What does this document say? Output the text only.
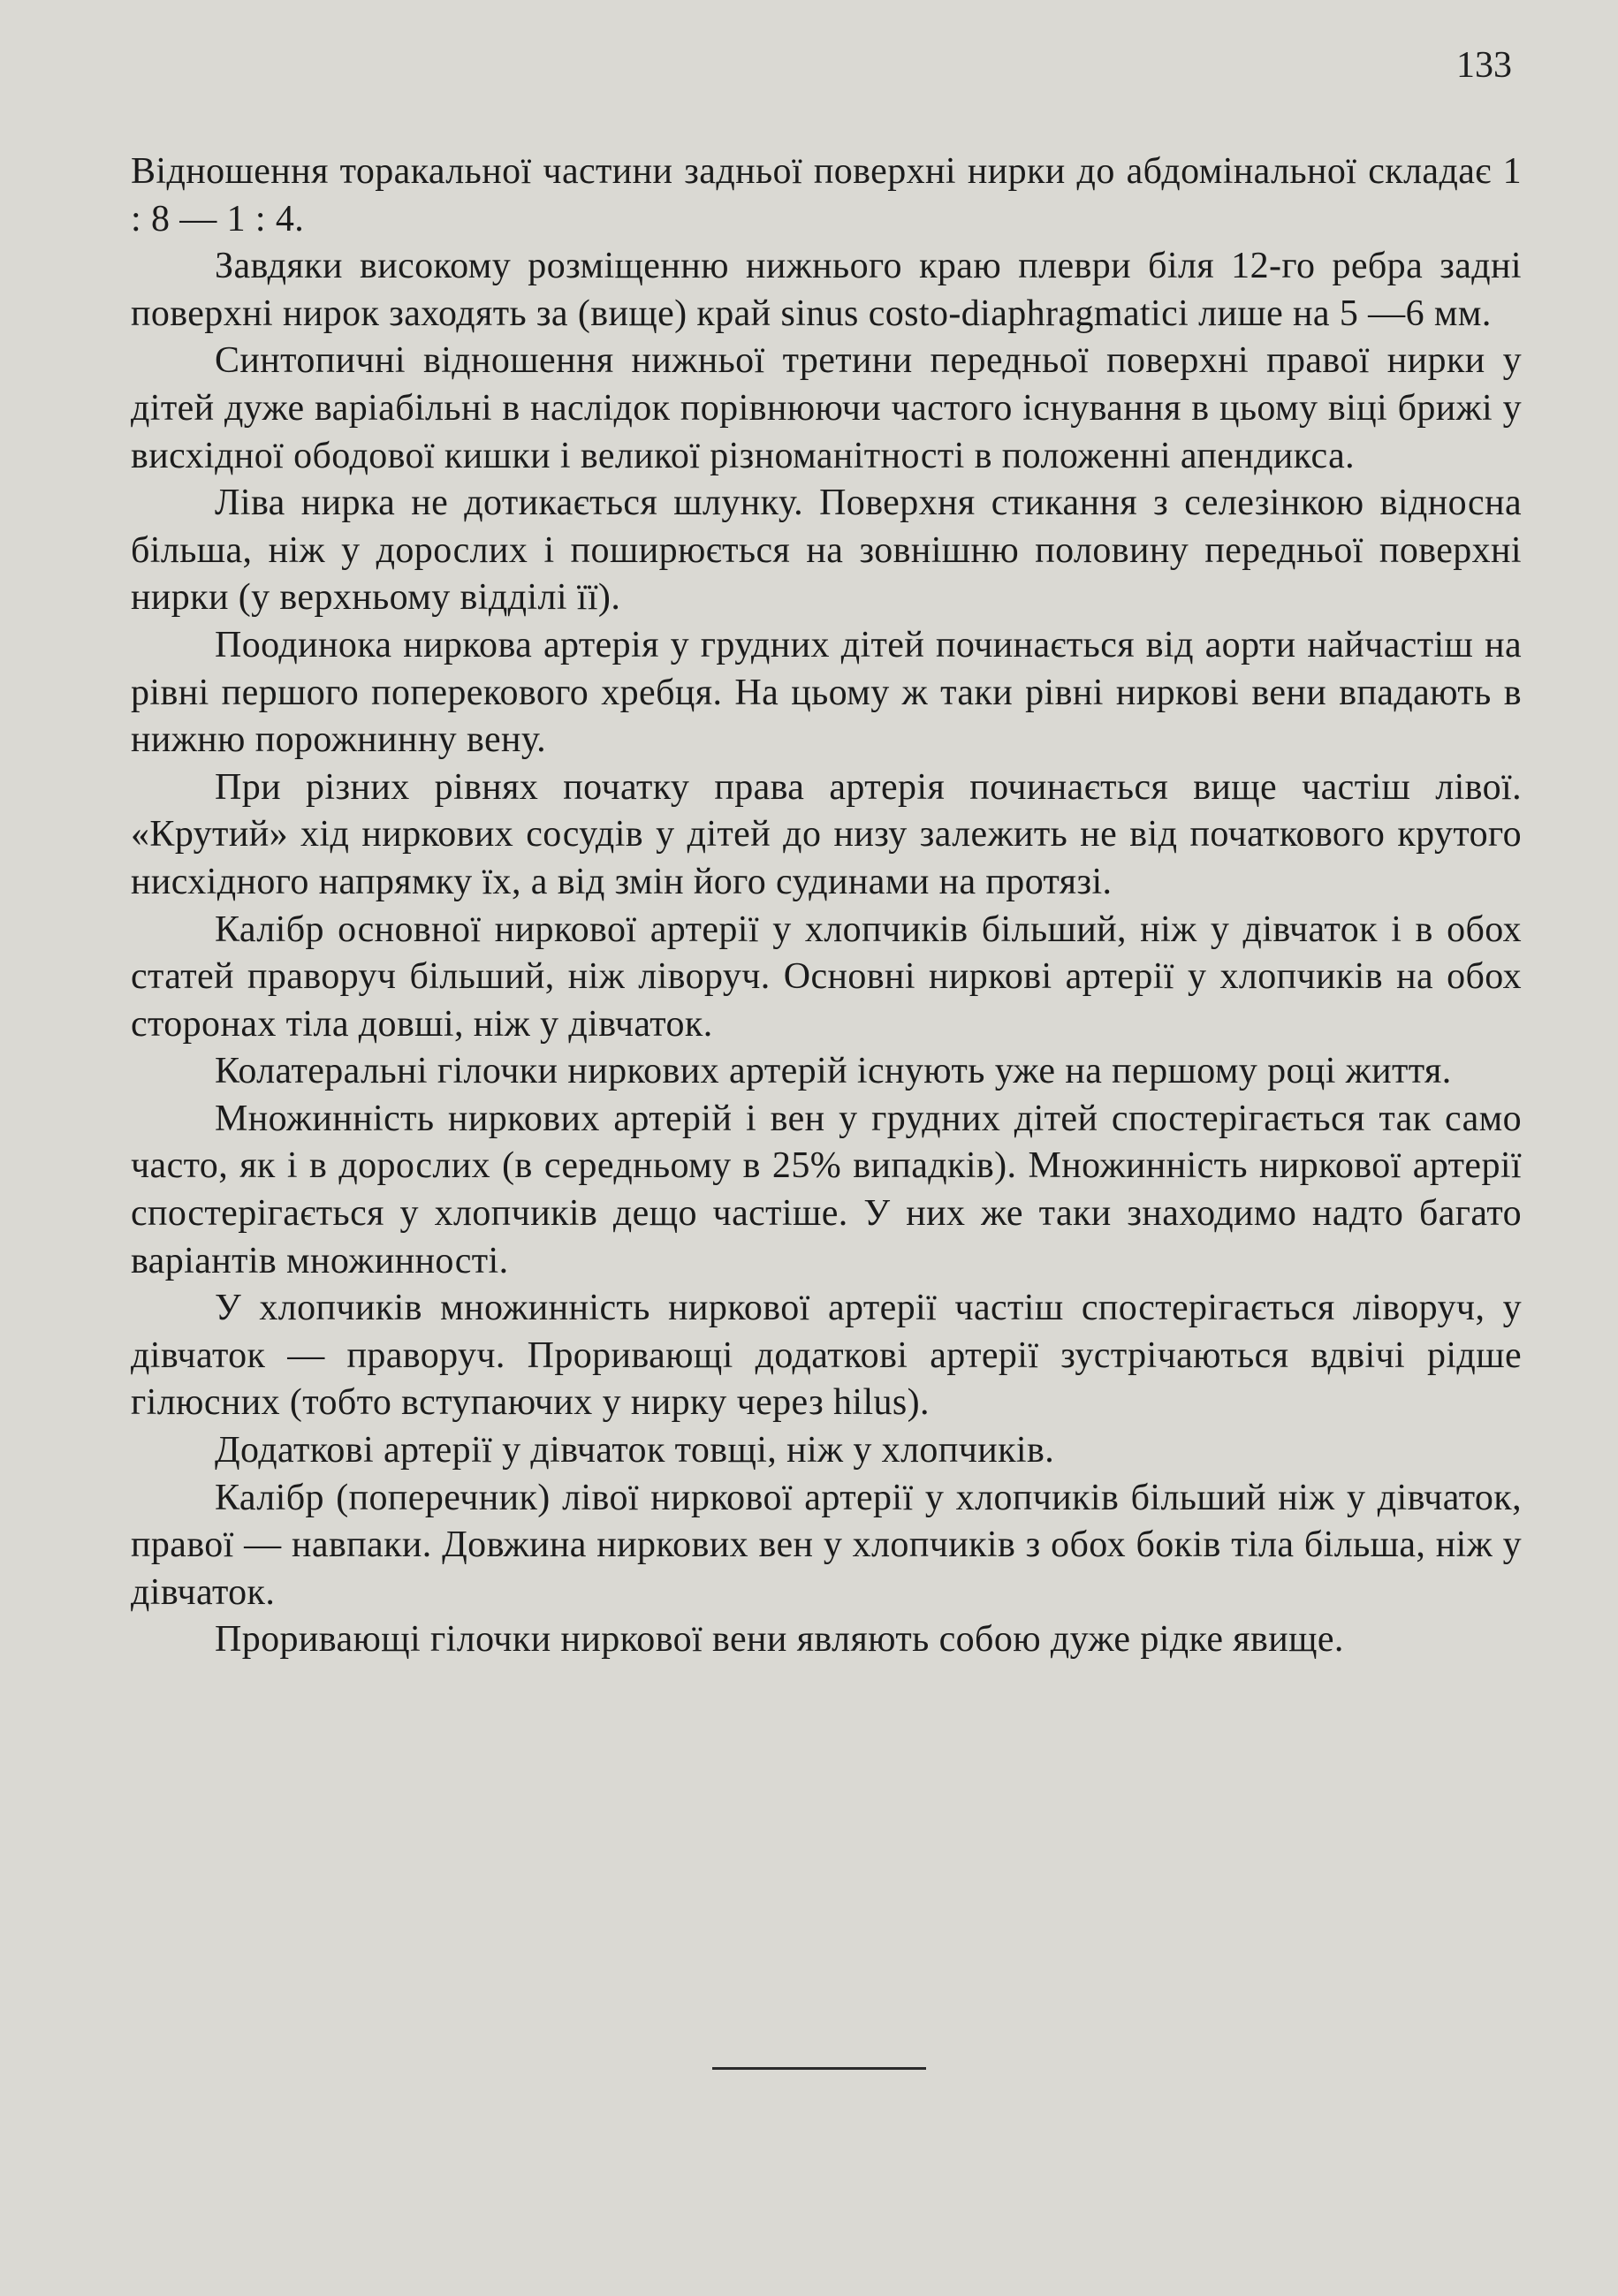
133

Відношення торакальної частини задньої поверхні нирки до абдомінальної складає 1 : 8 — 1 : 4.

Завдяки високому розміщенню нижнього краю плеври біля 12-го ребра задні поверхні нирок заходять за (вище) край sinus costo-diaphragmatici лише на 5 —6 мм.

Синтопичні відношення нижньої третини передньої поверхні правої нирки у дітей дуже варіабільні в наслідок порівнюючи частого існування в цьому віці брижі у висхідної ободової кишки і великої різноманітності в положенні апендикса.

Ліва нирка не дотикається шлунку. Поверхня стикання з селезінкою відносна більша, ніж у дорослих і поширюється на зовнішню половину передньої поверхні нирки (у верхньому відділі її).

Поодинока ниркова артерія у грудних дітей починається від аорти найчастіш на рівні першого поперекового хребця. На цьому ж таки рівні ниркові вени впадають в нижню порожнинну вену.

При різних рівнях початку права артерія починається вище частіш лівої. «Крутий» хід ниркових сосудів у дітей до низу залежить не від початкового крутого нисхідного напрямку їх, а від змін його судинами на протязі.

Калібр основної ниркової артерії у хлопчиків більший, ніж у дівчаток і в обох статей праворуч більший, ніж ліворуч. Основні ниркові артерії у хлопчиків на обох сторонах тіла довші, ніж у дівчаток.

Колатеральні гілочки ниркових артерій існують уже на першому році життя.

Множинність ниркових артерій і вен у грудних дітей спостерігається так само часто, як і в дорослих (в середньому в 25% випадків). Множинність ниркової артерії спостерігається у хлопчиків дещо частіше. У них же таки знаходимо надто багато варіантів множинності.

У хлопчиків множинність ниркової артерії частіш спостерігається ліворуч, у дівчаток — праворуч. Проривающі додаткові артерії зустрічаються вдвічі рідше гілюсних (тобто вступаючих у нирку через hilus).

Додаткові артерії у дівчаток товщі, ніж у хлопчиків.

Калібр (поперечник) лівої ниркової артерії у хлопчиків більший ніж у дівчаток, правої — навпаки. Довжина ниркових вен у хлопчиків з обох боків тіла більша, ніж у дівчаток.

Проривающі гілочки ниркової вени являють собою дуже рідке явище.
